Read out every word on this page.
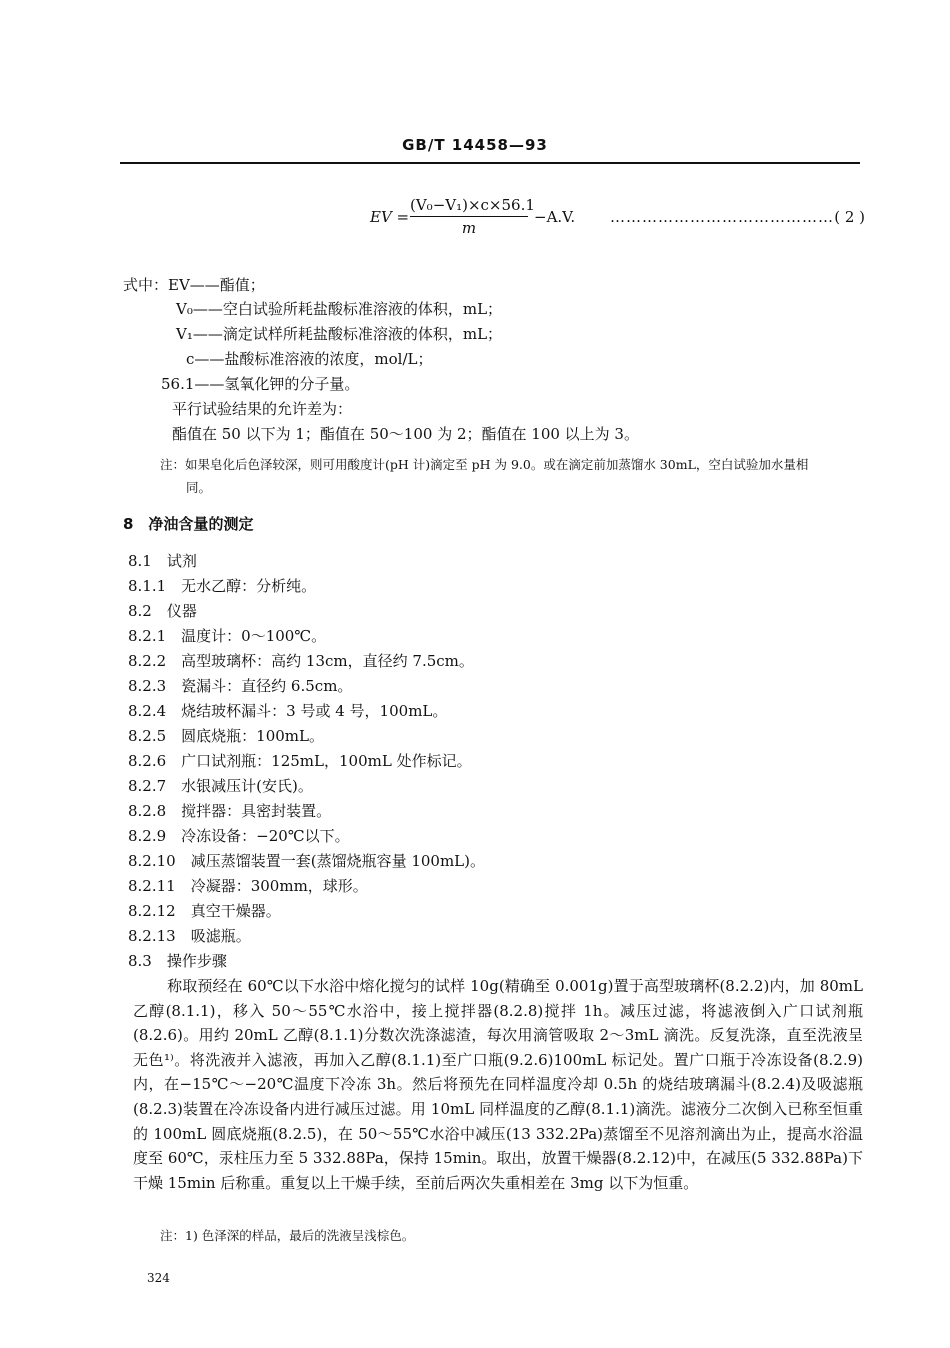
GB/T 14458—93
EV =
(V₀−V₁)×c×56.1
m
−A.V. …………………………………… ( 2 )
式中：EV——酯值；
V₀——空白试验所耗盐酸标准溶液的体积，mL；
V₁——滴定试样所耗盐酸标准溶液的体积，mL；
c——盐酸标准溶液的浓度，mol/L；
56.1——氢氧化钾的分子量。
平行试验结果的允许差为：
酯值在 50 以下为 1；酯值在 50～100 为 2；酯值在 100 以上为 3。
注：如果皂化后色泽较深，则可用酸度计(pH 计)滴定至 pH 为 9.0。或在滴定前加蒸馏水 30mL，空白试验加水量相
同。
8　净油含量的测定
8.1　试剂
8.1.1　无水乙醇：分析纯。
8.2　仪器
8.2.1　温度计：0～100℃。
8.2.2　高型玻璃杯：高约 13cm，直径约 7.5cm。
8.2.3　瓷漏斗：直径约 6.5cm。
8.2.4　烧结玻杯漏斗：3 号或 4 号，100mL。
8.2.5　圆底烧瓶：100mL。
8.2.6　广口试剂瓶：125mL，100mL 处作标记。
8.2.7　水银减压计(安氏)。
8.2.8　搅拌器：具密封装置。
8.2.9　冷冻设备：−20℃以下。
8.2.10　减压蒸馏装置一套(蒸馏烧瓶容量 100mL)。
8.2.11　冷凝器：300mm，球形。
8.2.12　真空干燥器。
8.2.13　吸滤瓶。
8.3　操作步骤
称取预经在 60℃以下水浴中熔化搅匀的试样 10g(精确至 0.001g)置于高型玻璃杯(8.2.2)内，加 80mL 乙醇(8.1.1)，移入 50～55℃水浴中，接上搅拌器(8.2.8)搅拌 1h。减压过滤，将滤液倒入广口试剂瓶(8.2.6)。用约 20mL 乙醇(8.1.1)分数次洗涤滤渣，每次用滴管吸取 2～3mL 滴洗。反复洗涤，直至洗液呈无色¹⁾。将洗液并入滤液，再加入乙醇(8.1.1)至广口瓶(9.2.6)100mL 标记处。置广口瓶于冷冻设备(8.2.9)内，在−15℃～−20℃温度下冷冻 3h。然后将预先在同样温度冷却 0.5h 的烧结玻璃漏斗(8.2.4)及吸滤瓶(8.2.3)装置在冷冻设备内进行减压过滤。用 10mL 同样温度的乙醇(8.1.1)滴洗。滤液分二次倒入已称至恒重的 100mL 圆底烧瓶(8.2.5)，在 50～55℃水浴中减压(13 332.2Pa)蒸馏至不见溶剂滴出为止，提高水浴温度至 60℃，汞柱压力至 5 332.88Pa，保持 15min。取出，放置干燥器(8.2.12)中，在减压(5 332.88Pa)下干燥 15min 后称重。重复以上干燥手续，至前后两次失重相差在 3mg 以下为恒重。
注：1) 色泽深的样品，最后的洗液呈浅棕色。
324
